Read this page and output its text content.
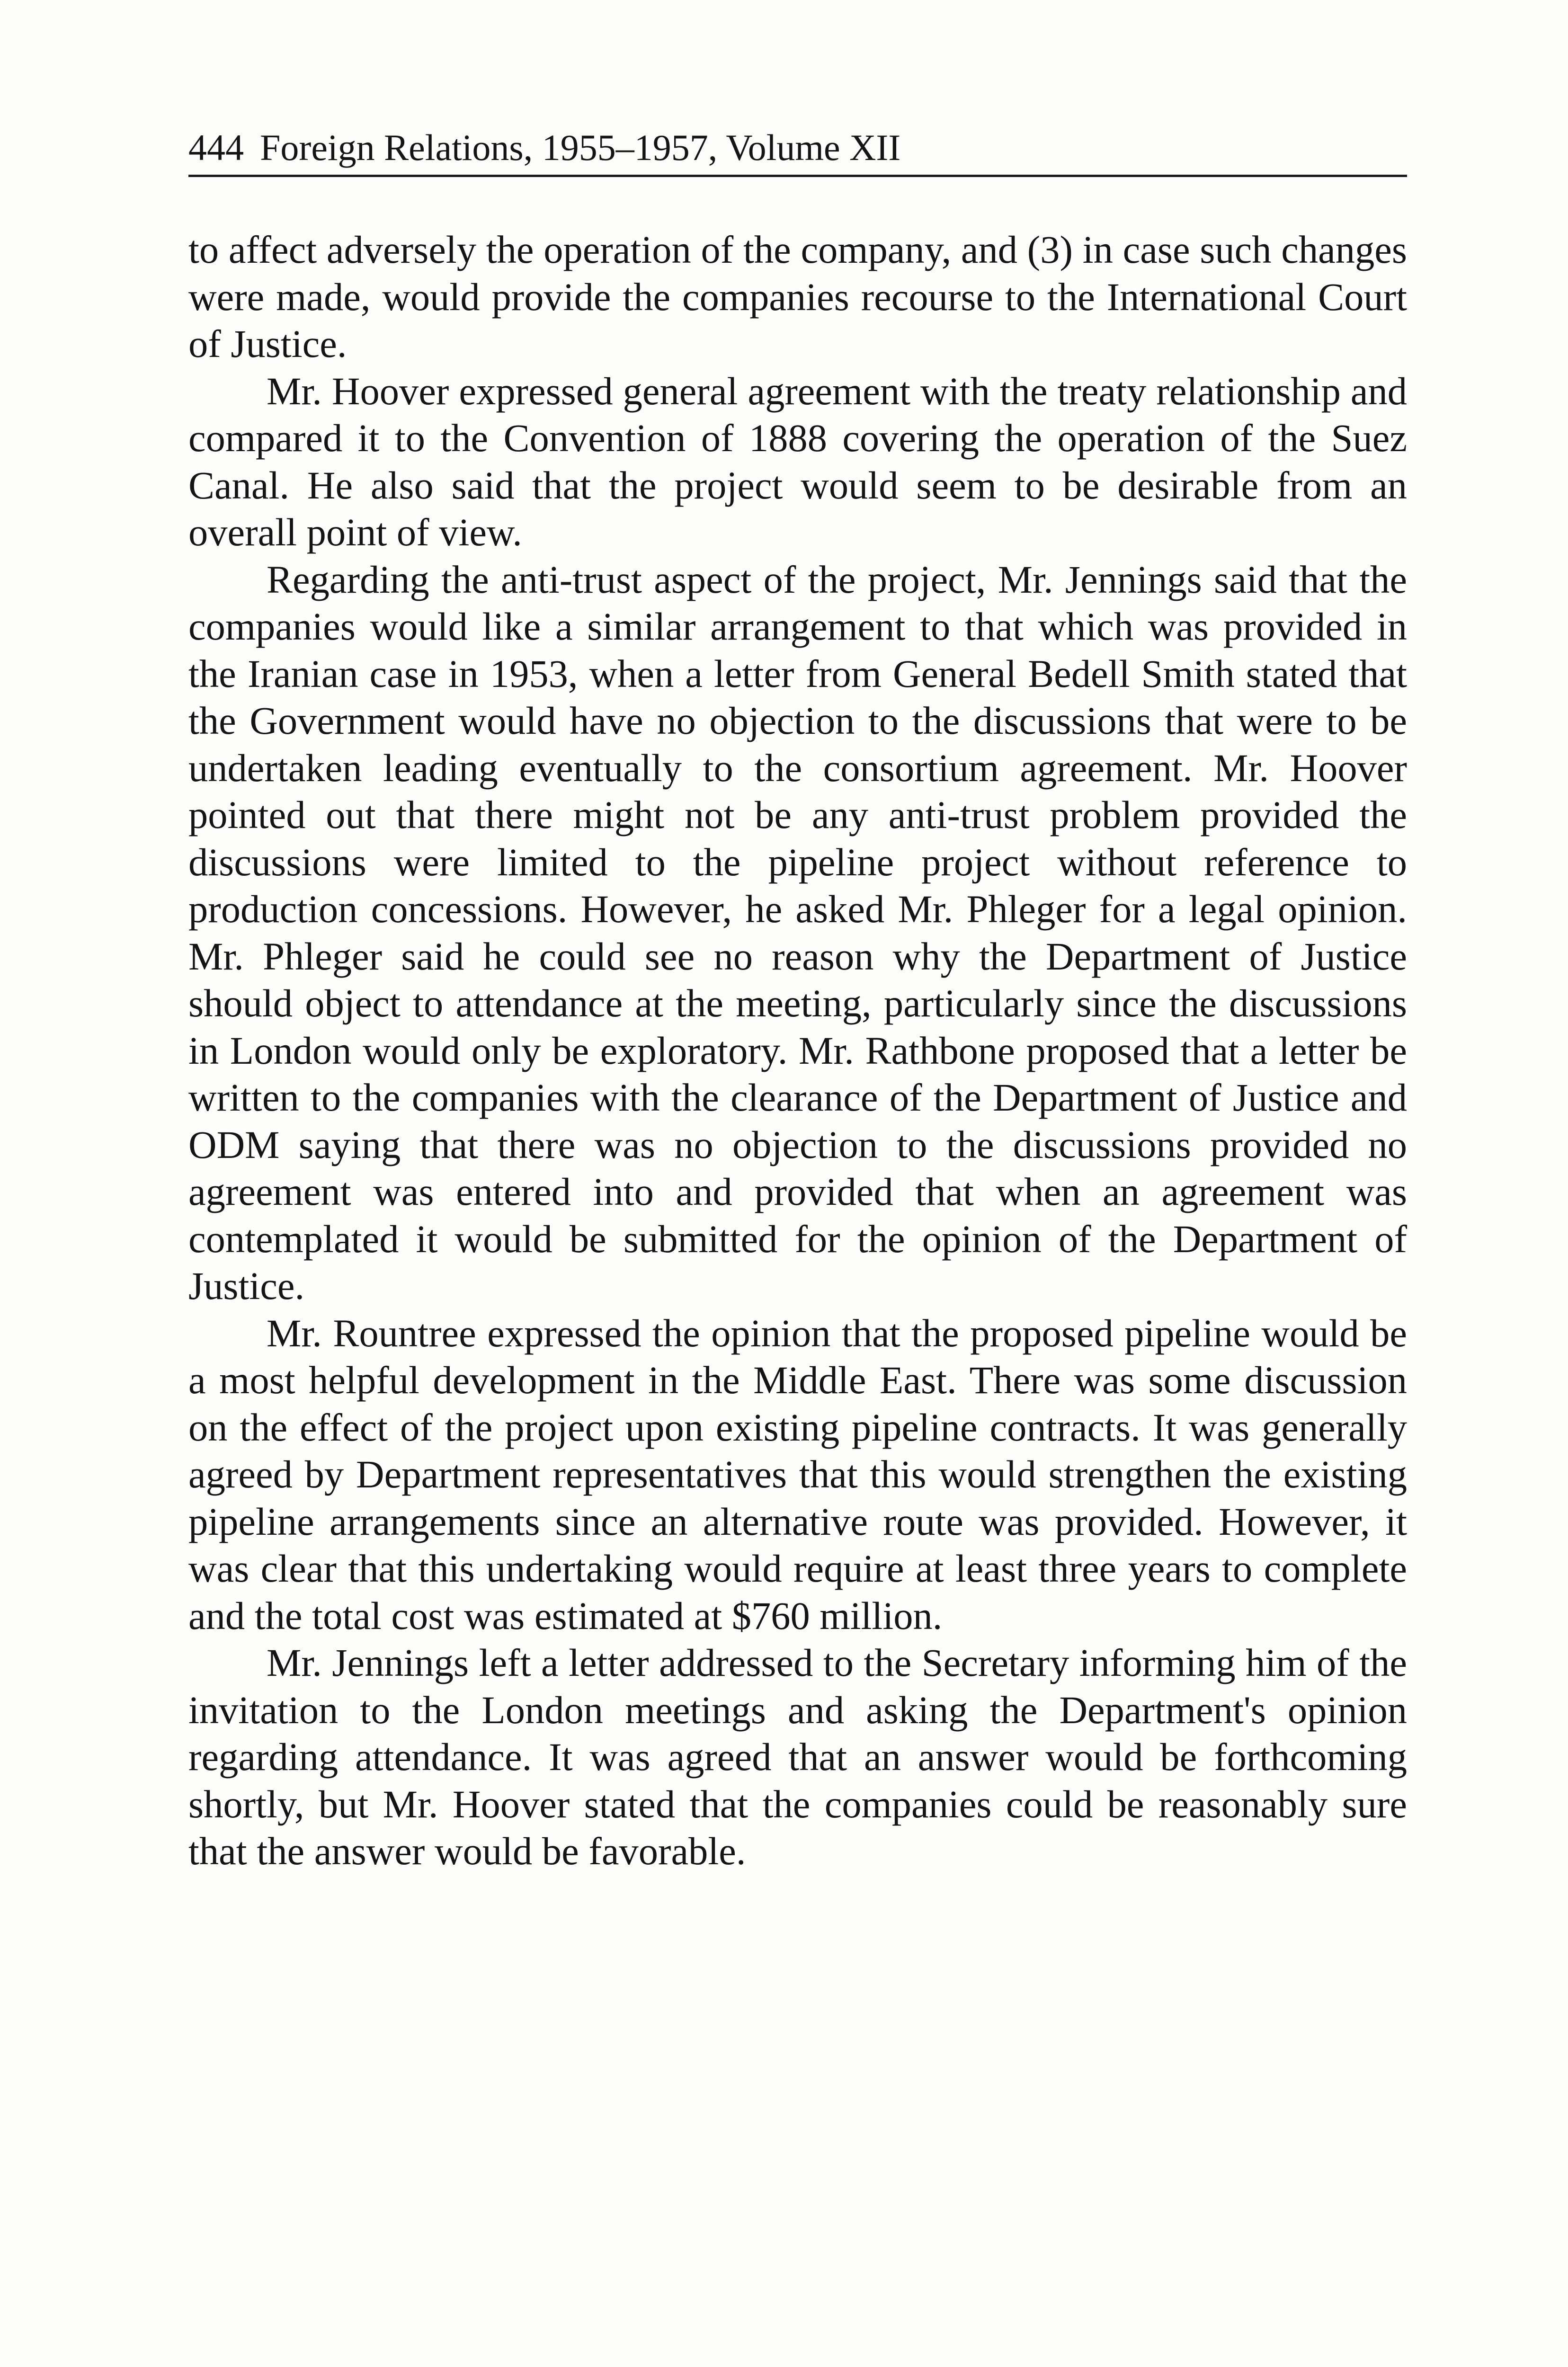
444 Foreign Relations, 1955–1957, Volume XII

to affect adversely the operation of the company, and (3) in case such changes were made, would provide the companies recourse to the International Court of Justice.

Mr. Hoover expressed general agreement with the treaty relationship and compared it to the Convention of 1888 covering the operation of the Suez Canal. He also said that the project would seem to be desirable from an overall point of view.

Regarding the anti-trust aspect of the project, Mr. Jennings said that the companies would like a similar arrangement to that which was provided in the Iranian case in 1953, when a letter from General Bedell Smith stated that the Government would have no objection to the discussions that were to be undertaken leading eventually to the consortium agreement. Mr. Hoover pointed out that there might not be any anti-trust problem provided the discussions were limited to the pipeline project without reference to production concessions. However, he asked Mr. Phleger for a legal opinion. Mr. Phleger said he could see no reason why the Department of Justice should object to attendance at the meeting, particularly since the discussions in London would only be exploratory. Mr. Rathbone proposed that a letter be written to the companies with the clearance of the Department of Justice and ODM saying that there was no objection to the discussions provided no agreement was entered into and provided that when an agreement was contemplated it would be submitted for the opinion of the Department of Justice.

Mr. Rountree expressed the opinion that the proposed pipeline would be a most helpful development in the Middle East. There was some discussion on the effect of the project upon existing pipeline contracts. It was generally agreed by Department representatives that this would strengthen the existing pipeline arrangements since an alternative route was provided. However, it was clear that this undertaking would require at least three years to complete and the total cost was estimated at $760 million.

Mr. Jennings left a letter addressed to the Secretary informing him of the invitation to the London meetings and asking the Department's opinion regarding attendance. It was agreed that an answer would be forthcoming shortly, but Mr. Hoover stated that the companies could be reasonably sure that the answer would be favorable.
